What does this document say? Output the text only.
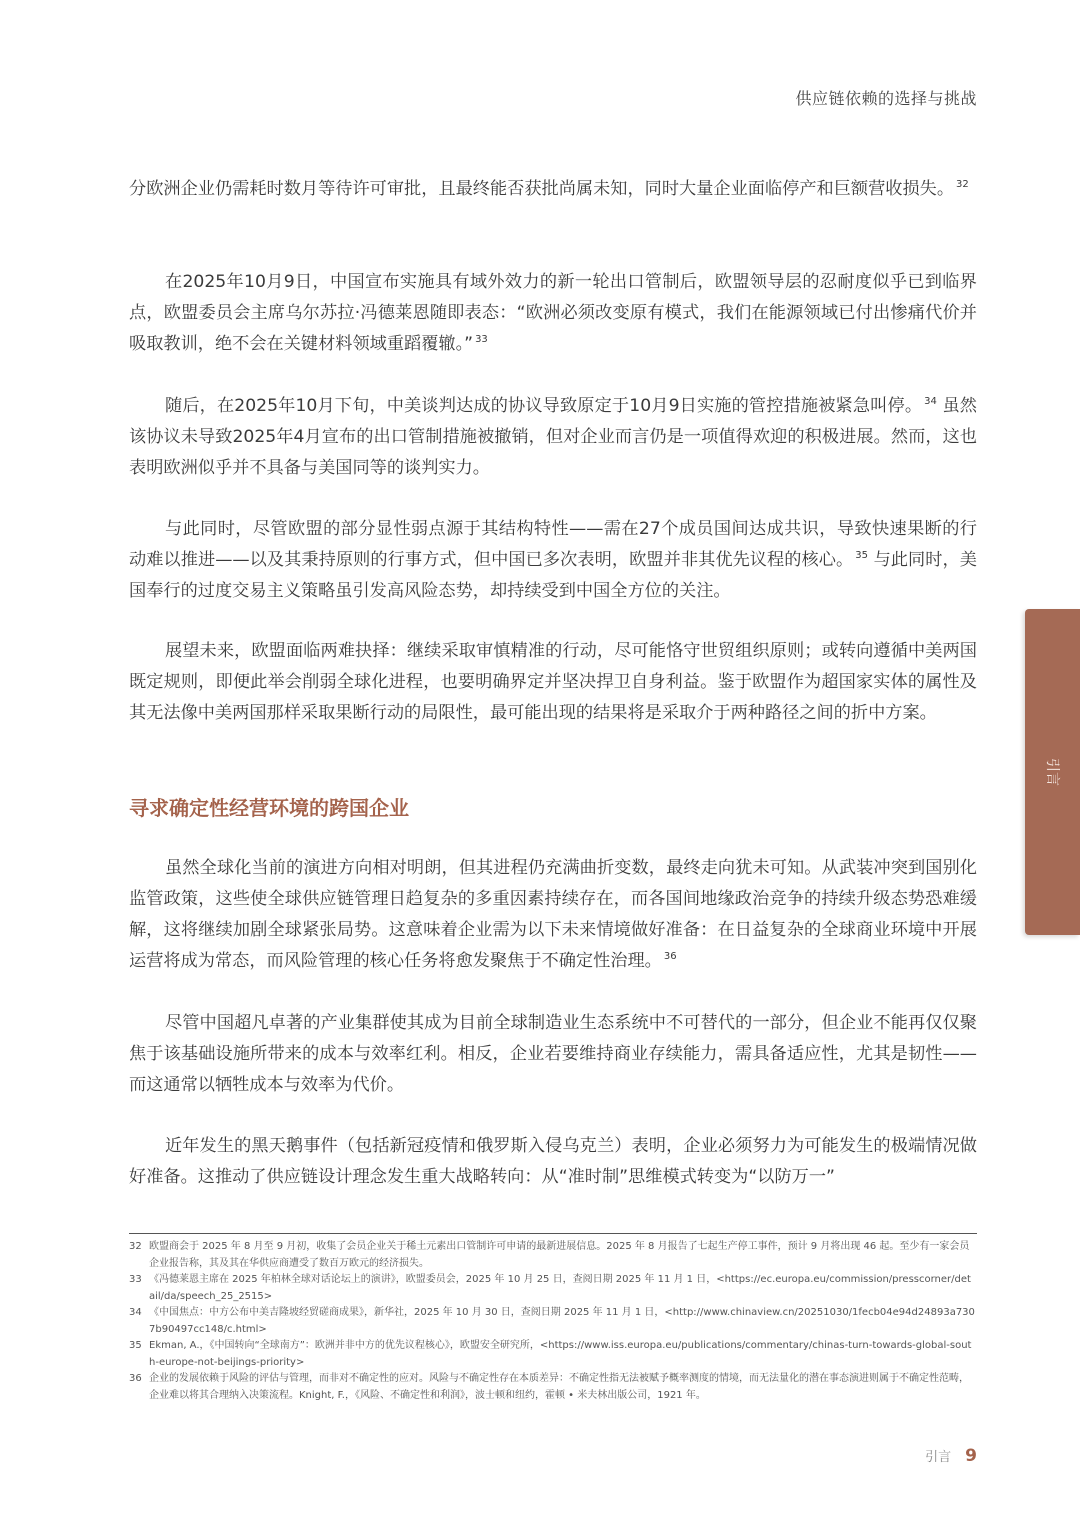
供应链依赖的选择与挑战

分欧洲企业仍需耗时数月等待许可审批，且最终能否获批尚属未知，同时大量企业面临停产和巨额营收损失。 $^{32}$

在2025年10月9日，中国宣布实施具有域外效力的新一轮出口管制后，欧盟领导层的忍耐度似乎已到临界点，欧盟委员会主席乌尔苏拉·冯德莱恩随即表态：“欧洲必须改变原有模式，我们在能源领域已付出惨痛代价并吸取教训，绝不会在关键材料领域重蹈覆辙。” $^{33}$

随后，在2025年10月下旬，中美谈判达成的协议导致原定于10月9日实施的管控措施被紧急叫停。 $^{34}$ 虽然该协议未导致2025年4月宣布的出口管制措施被撤销，但对企业而言仍是一项值得欢迎的积极进展。然而，这也表明欧洲似乎并不具备与美国同等的谈判实力。

与此同时，尽管欧盟的部分显性弱点源于其结构特性——需在27个成员国间达成共识，导致快速果断的行动难以推进——以及其秉持原则的行事方式，但中国已多次表明，欧盟并非其优先议程的核心。 $^{35}$ 与此同时，美国奉行的过度交易主义策略虽引发高风险态势，却持续受到中国全方位的关注。

展望未来，欧盟面临两难抉择：继续采取审慎精准的行动，尽可能恪守世贸组织原则；或转向遵循中美两国既定规则，即便此举会削弱全球化进程，也要明确界定并坚决捍卫自身利益。鉴于欧盟作为超国家实体的属性及其无法像中美两国那样采取果断行动的局限性，最可能出现的结果将是采取介于两种路径之间的折中方案。

寻求确定性经营环境的跨国企业

虽然全球化当前的演进方向相对明朗，但其进程仍充满曲折变数，最终走向犹未可知。从武装冲突到国别化监管政策，这些使全球供应链管理日趋复杂的多重因素持续存在，而各国间地缘政治竞争的持续升级态势恐难缓解，这将继续加剧全球紧张局势。这意味着企业需为以下未来情境做好准备：在日益复杂的全球商业环境中开展运营将成为常态，而风险管理的核心任务将愈发聚焦于不确定性治理。 $^{36}$

尽管中国超凡卓著的产业集群使其成为目前全球制造业生态系统中不可替代的一部分，但企业不能再仅仅聚焦于该基础设施所带来的成本与效率红利。相反，企业若要维持商业存续能力，需具备适应性，尤其是韧性——而这通常以牺牲成本与效率为代价。

近年发生的黑天鹅事件（包括新冠疫情和俄罗斯入侵乌克兰）表明，企业必须努力为可能发生的极端情况做好准备。这推动了供应链设计理念发生重大战略转向：从“准时制”思维模式转变为“以防万一”

引言
32 欧盟商会于 2025 年 8 月至 9 月初，收集了会员企业关于稀土元素出口管制许可申请的最新进展信息。2025 年 8 月报告了七起生产停工事件，预计 9 月将出现 46 起。至少有一家会员企业报告称，其及其在华供应商遭受了数百万欧元的经济损失。
33 《冯德莱恩主席在 2025 年柏林全球对话论坛上的演讲》，欧盟委员会，2025 年 10 月 25 日，查阅日期 2025 年 11 月 1 日，<https://ec.europa.eu/commission/presscorner/detail/da/speech_25_2515>
34 《中国焦点：中方公布中美吉隆坡经贸磋商成果》，新华社，2025 年 10 月 30 日，查阅日期 2025 年 11 月 1 日，<http://www.chinaview.cn/20251030/1fecb04e94d24893a7307b90497cc148/c.html>
35 Ekman, A.，《中国转向“全球南方”：欧洲并非中方的优先议程核心》，欧盟安全研究所，<https://www.iss.europa.eu/publications/commentary/chinas-turn-towards-global-south-europe-not-beijings-priority>
36 企业的发展依赖于风险的评估与管理，而非对不确定性的应对。风险与不确定性存在本质差异：不确定性指无法被赋予概率测度的情境，而无法量化的潜在事态演进则属于不确定性范畴，企业难以将其合理纳入决策流程。Knight, F.，《风险、不确定性和利润》，波士顿和纽约，霍顿 • 米夫林出版公司，1921 年。
引言 9
